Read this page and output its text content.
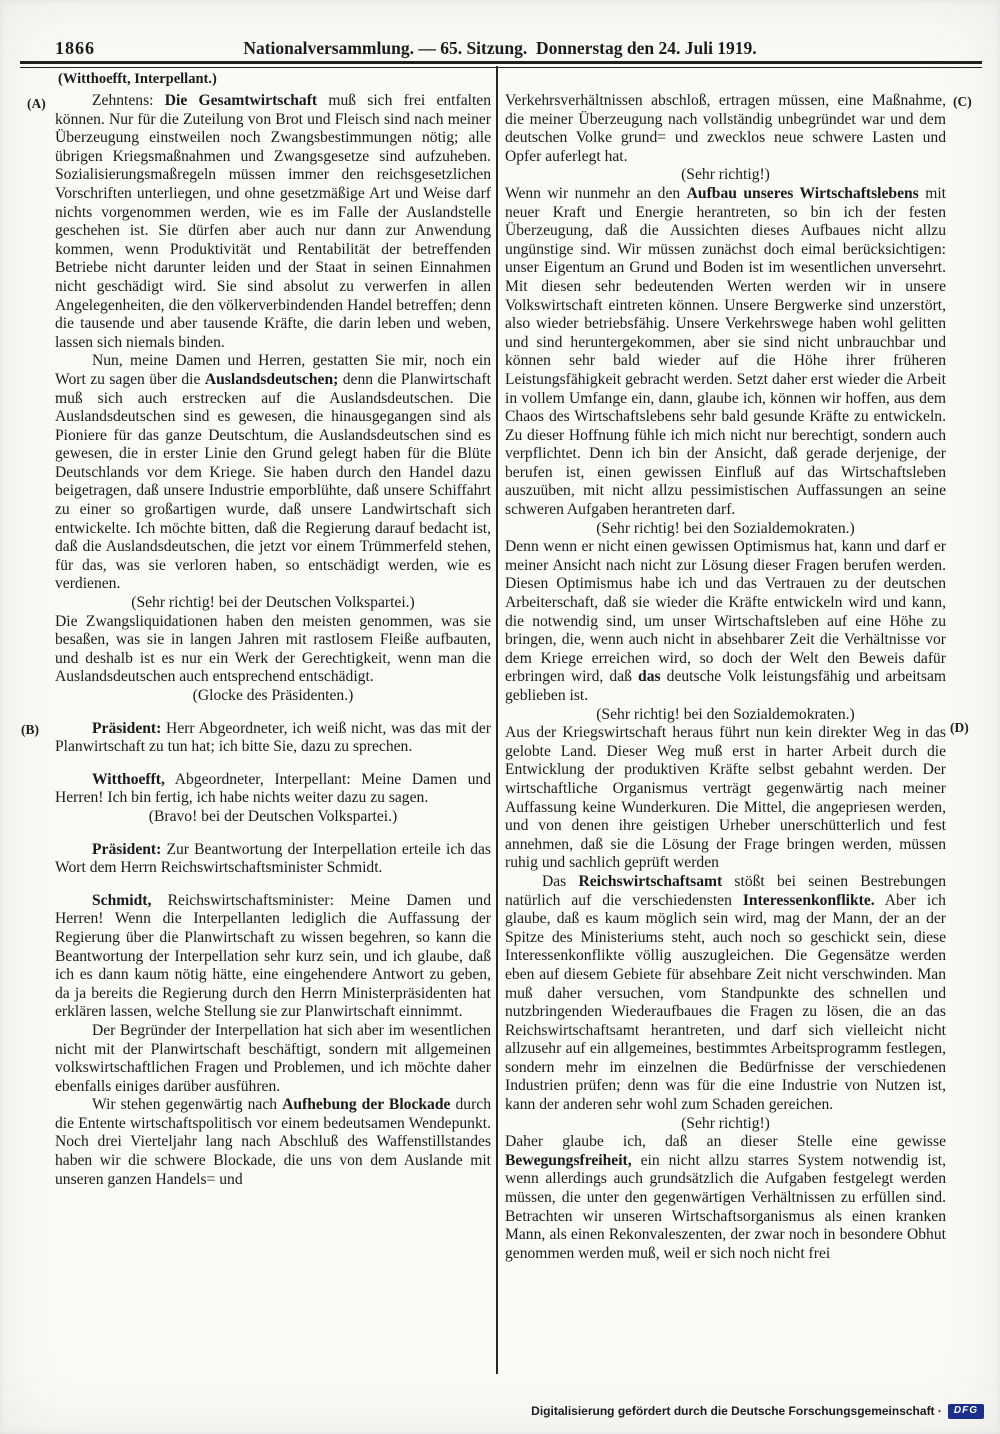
1866	Nationalversammlung. — 65. Sitzung.  Donnerstag den 24. Juli 1919.
(Witthoefft, Interpellant.)
(A)
(B)
(C)
(D)

Zehntens: Die Gesamtwirtschaft muß sich frei entfalten können. Nur für die Zuteilung von Brot und Fleisch sind nach meiner Überzeugung einstweilen noch Zwangsbestimmungen nötig; alle übrigen Kriegsmaßnahmen und Zwangsgesetze sind aufzuheben. Sozialisierungsmaßregeln müssen immer den reichsgesetzlichen Vorschriften unterliegen, und ohne gesetzmäßige Art und Weise darf nichts vorgenommen werden, wie es im Falle der Auslandstelle geschehen ist. Sie dürfen aber auch nur dann zur Anwendung kommen, wenn Produktivität und Rentabilität der betreffenden Betriebe nicht darunter leiden und der Staat in seinen Einnahmen nicht geschädigt wird. Sie sind absolut zu verwerfen in allen Angelegenheiten, die den völkerverbindenden Handel betreffen; denn die tausende und aber tausende Kräfte, die darin leben und weben, lassen sich niemals binden.

Nun, meine Damen und Herren, gestatten Sie mir, noch ein Wort zu sagen über die Auslandsdeutschen; denn die Planwirtschaft muß sich auch erstrecken auf die Auslandsdeutschen. Die Auslandsdeutschen sind es gewesen, die hinausgegangen sind als Pioniere für das ganze Deutschtum, die Auslandsdeutschen sind es gewesen, die in erster Linie den Grund gelegt haben für die Blüte Deutschlands vor dem Kriege. Sie haben durch den Handel dazu beigetragen, daß unsere Industrie emporblühte, daß unsere Schiffahrt zu einer so großartigen wurde, daß unsere Landwirtschaft sich entwickelte. Ich möchte bitten, daß die Regierung darauf bedacht ist, daß die Auslandsdeutschen, die jetzt vor einem Trümmerfeld stehen, für das, was sie verloren haben, so entschädigt werden, wie es verdienen.

(Sehr richtig! bei der Deutschen Volkspartei.)

Die Zwangsliquidationen haben den meisten genommen, was sie besaßen, was sie in langen Jahren mit rastlosem Fleiße aufbauten, und deshalb ist es nur ein Werk der Gerechtigkeit, wenn man die Auslandsdeutschen auch entsprechend entschädigt.

(Glocke des Präsidenten.)

Präsident: Herr Abgeordneter, ich weiß nicht, was das mit der Planwirtschaft zu tun hat; ich bitte Sie, dazu zu sprechen.

Witthoefft, Abgeordneter, Interpellant: Meine Damen und Herren! Ich bin fertig, ich habe nichts weiter dazu zu sagen.

(Bravo! bei der Deutschen Volkspartei.)

Präsident: Zur Beantwortung der Interpellation erteile ich das Wort dem Herrn Reichswirtschaftsminister Schmidt.

Schmidt, Reichswirtschaftsminister: Meine Damen und Herren! Wenn die Interpellanten lediglich die Auffassung der Regierung über die Planwirtschaft zu wissen begehren, so kann die Beantwortung der Interpellation sehr kurz sein, und ich glaube, daß ich es dann kaum nötig hätte, eine eingehendere Antwort zu geben, da ja bereits die Regierung durch den Herrn Ministerpräsidenten hat erklären lassen, welche Stellung sie zur Planwirtschaft einnimmt.

Der Begründer der Interpellation hat sich aber im wesentlichen nicht mit der Planwirtschaft beschäftigt, sondern mit allgemeinen volkswirtschaftlichen Fragen und Problemen, und ich möchte daher ebenfalls einiges darüber ausführen.

Wir stehen gegenwärtig nach Aufhebung der Blockade durch die Entente wirtschaftspolitisch vor einem bedeutsamen Wendepunkt. Noch drei Vierteljahr lang nach Abschluß des Waffenstillstandes haben wir die schwere Blockade, die uns von dem Auslande mit unseren ganzen Handels= und

Verkehrsverhältnissen abschloß, ertragen müssen, eine Maßnahme, die meiner Überzeugung nach vollständig unbegründet war und dem deutschen Volke grund= und zwecklos neue schwere Lasten und Opfer auferlegt hat.

(Sehr richtig!)

Wenn wir nunmehr an den Aufbau unseres Wirtschaftslebens mit neuer Kraft und Energie herantreten, so bin ich der festen Überzeugung, daß die Aussichten dieses Aufbaues nicht allzu ungünstige sind. Wir müssen zunächst doch eimal berücksichtigen: unser Eigentum an Grund und Boden ist im wesentlichen unversehrt. Mit diesen sehr bedeutenden Werten werden wir in unsere Volkswirtschaft eintreten können. Unsere Bergwerke sind unzerstört, also wieder betriebsfähig. Unsere Verkehrswege haben wohl gelitten und sind heruntergekommen, aber sie sind nicht unbrauchbar und können sehr bald wieder auf die Höhe ihrer früheren Leistungsfähigkeit gebracht werden. Setzt daher erst wieder die Arbeit in vollem Umfange ein, dann, glaube ich, können wir hoffen, aus dem Chaos des Wirtschaftslebens sehr bald gesunde Kräfte zu entwickeln. Zu dieser Hoffnung fühle ich mich nicht nur berechtigt, sondern auch verpflichtet. Denn ich bin der Ansicht, daß gerade derjenige, der berufen ist, einen gewissen Einfluß auf das Wirtschaftsleben auszuüben, mit nicht allzu pessimistischen Auffassungen an seine schweren Aufgaben herantreten darf.

(Sehr richtig! bei den Sozialdemokraten.)

Denn wenn er nicht einen gewissen Optimismus hat, kann und darf er meiner Ansicht nach nicht zur Lösung dieser Fragen berufen werden. Diesen Optimismus habe ich und das Vertrauen zu der deutschen Arbeiterschaft, daß sie wieder die Kräfte entwickeln wird und kann, die notwendig sind, um unser Wirtschaftsleben auf eine Höhe zu bringen, die, wenn auch nicht in absehbarer Zeit die Verhältnisse vor dem Kriege erreichen wird, so doch der Welt den Beweis dafür erbringen wird, daß das deutsche Volk leistungsfähig und arbeitsam geblieben ist.

(Sehr richtig! bei den Sozialdemokraten.)

Aus der Kriegswirtschaft heraus führt nun kein direkter Weg in das gelobte Land. Dieser Weg muß erst in harter Arbeit durch die Entwicklung der produktiven Kräfte selbst gebahnt werden. Der wirtschaftliche Organismus verträgt gegenwärtig nach meiner Auffassung keine Wunderkuren. Die Mittel, die angepriesen werden, und von denen ihre geistigen Urheber unerschütterlich und fest annehmen, daß sie die Lösung der Frage bringen werden, müssen ruhig und sachlich geprüft werden

Das Reichswirtschaftsamt stößt bei seinen Bestrebungen natürlich auf die verschiedensten Interessenkonflikte. Aber ich glaube, daß es kaum möglich sein wird, mag der Mann, der an der Spitze des Ministeriums steht, auch noch so geschickt sein, diese Interessenkonflikte völlig auszugleichen. Die Gegensätze werden eben auf diesem Gebiete für absehbare Zeit nicht verschwinden. Man muß daher versuchen, vom Standpunkte des schnellen und nutzbringenden Wiederaufbaues die Fragen zu lösen, die an das Reichswirtschaftsamt herantreten, und darf sich vielleicht nicht allzusehr auf ein allgemeines, bestimmtes Arbeitsprogramm festlegen, sondern mehr im einzelnen die Bedürfnisse der verschiedenen Industrien prüfen; denn was für die eine Industrie von Nutzen ist, kann der anderen sehr wohl zum Schaden gereichen.

(Sehr richtig!)

Daher glaube ich, daß an dieser Stelle eine gewisse Bewegungsfreiheit, ein nicht allzu starres System notwendig ist, wenn allerdings auch grundsätzlich die Aufgaben festgelegt werden müssen, die unter den gegenwärtigen Verhältnissen zu erfüllen sind. Betrachten wir unseren Wirtschaftsorganismus als einen kranken Mann, als einen Rekonvaleszenten, der zwar noch in besondere Obhut genommen werden muß, weil er sich noch nicht frei

Digitalisierung gefördert durch die Deutsche Forschungsgemeinschaft ·	DFG
